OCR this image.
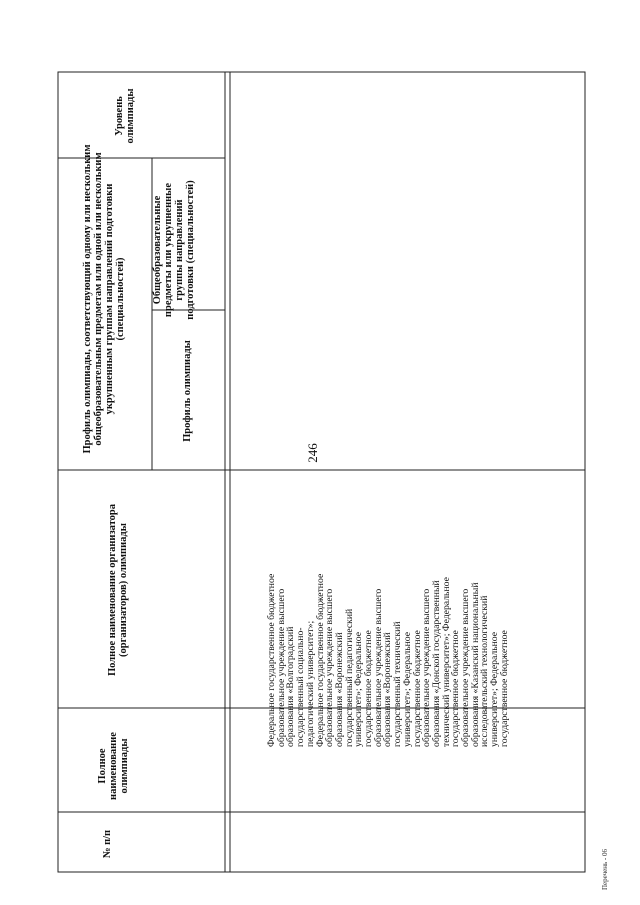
246
№ п/п
Полное наименование олимпиады
Полное наименование организатора (организаторов) олимпиады
Профиль олимпиады, соответствующий одному или нескольким общеобразовательным предметам или одной или нескольким укрупненным группам направлений подготовки (специальностей)
Профиль олимпиады
Общеобразовательные предметы или укрупненные группы направлений подготовки (специальностей)
Уровень олимпиады
Федеральное государственное бюджетное
образовательное учреждение высшего
образования «Волгоградский
государственный социально-
педагогический университет»;
Федеральное государственное бюджетное
образовательное учреждение высшего
образования «Воронежский
государственный педагогический
университет»; Федеральное
государственное бюджетное
образовательное учреждение высшего
образования «Воронежский
государственный технический
университет»; Федеральное
государственное бюджетное
образовательное учреждение высшего
образования «Донской государственный
технический университет»; Федеральное
государственное бюджетное
образовательное учреждение высшего
образования «Казанский национальный
исследовательский технологический
университет»; Федеральное
государственное бюджетное
Перечень - 06
